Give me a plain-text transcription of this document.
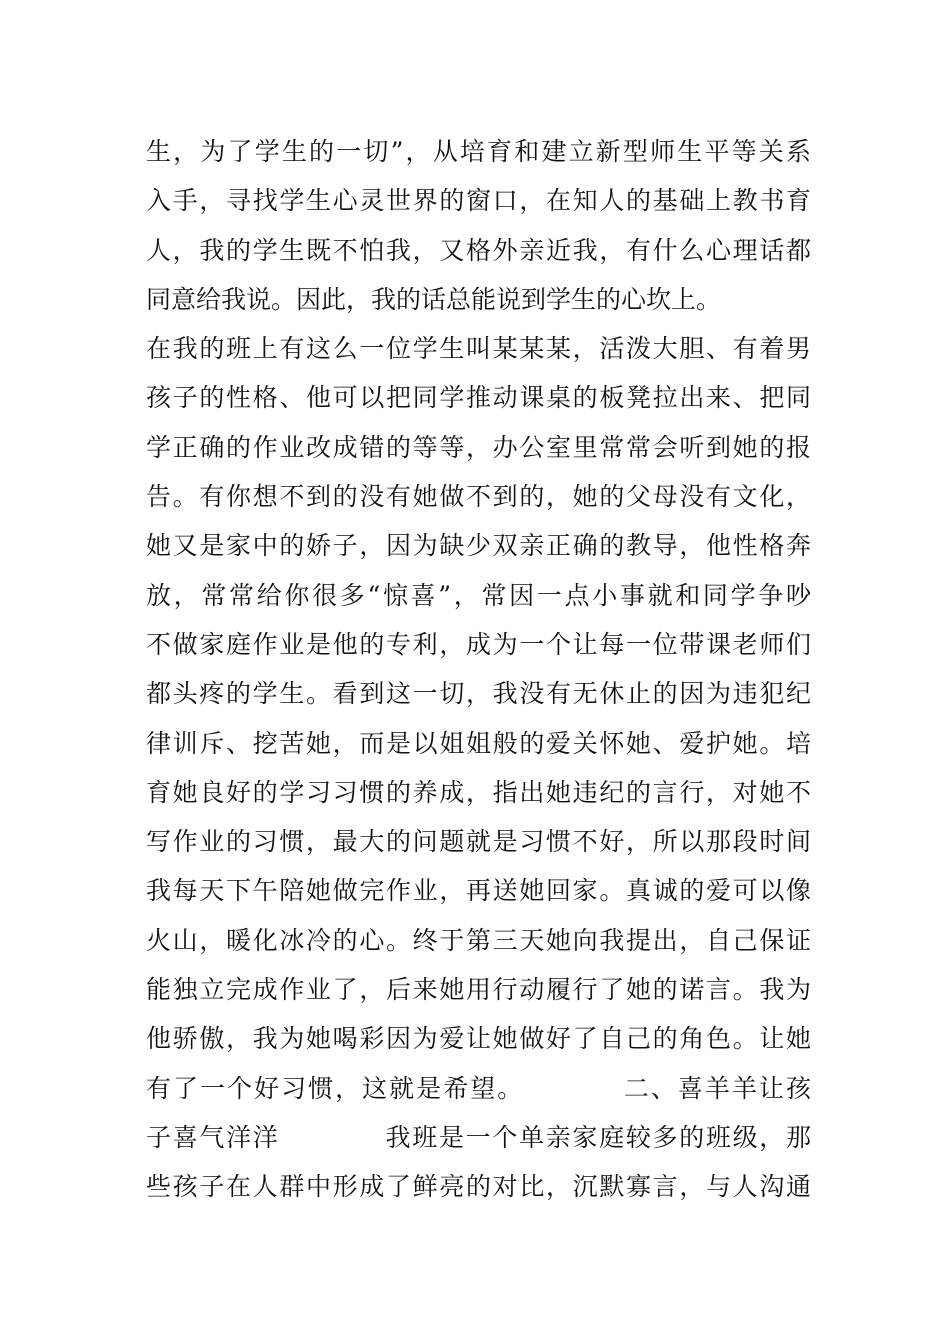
生，为了学生的一切”，从培育和建立新型师生平等关系
入手，寻找学生心灵世界的窗口，在知人的基础上教书育
人，我的学生既不怕我，又格外亲近我，有什么心理话都
同意给我说。因此，我的话总能说到学生的心坎上。
在我的班上有这么一位学生叫某某某，活泼大胆、有着男
孩子的性格、他可以把同学推动课桌的板凳拉出来、把同
学正确的作业改成错的等等，办公室里常常会听到她的报
告。有你想不到的没有她做不到的，她的父母没有文化，
她又是家中的娇子，因为缺少双亲正确的教导，他性格奔
放，常常给你很多“惊喜”，常因一点小事就和同学争吵
不做家庭作业是他的专利，成为一个让每一位带课老师们
都头疼的学生。看到这一切，我没有无休止的因为违犯纪
律训斥、挖苦她，而是以姐姐般的爱关怀她、爱护她。培
育她良好的学习习惯的养成，指出她违纪的言行，对她不
写作业的习惯，最大的问题就是习惯不好，所以那段时间
我每天下午陪她做完作业，再送她回家。真诚的爱可以像
火山，暖化冰冷的心。终于第三天她向我提出，自己保证
能独立完成作业了，后来她用行动履行了她的诺言。我为
他骄傲，我为她喝彩因为爱让她做好了自己的角色。让她
有了一个好习惯，这就是希望。          二、喜羊羊让孩
子喜气洋洋           我班是一个单亲家庭较多的班级，那
些孩子在人群中形成了鲜亮的对比，沉默寡言，与人沟通
